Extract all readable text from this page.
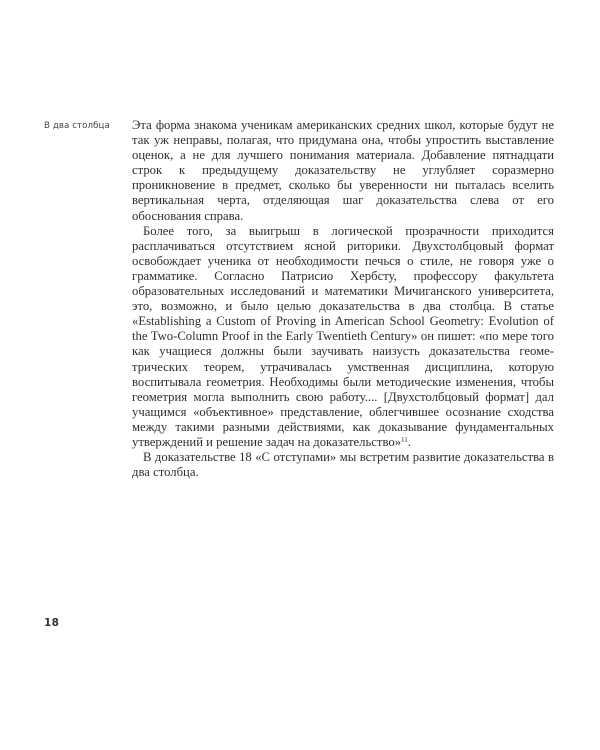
В два столбца	Эта форма знакома ученикам американских средних школ, которые будут не так уж неправы, полагая, что придумана она, чтобы упростить выставление оценок, а не для лучшего понимания материала. Добавление пятнадцати строк к предыдущему доказательству не углубляет соразмерно проникновение в предмет, сколько бы уверенности ни пыталась вселить вертикальная черта, отделяющая шаг доказательства слева от его обоснования справа.

Более того, за выигрыш в логической прозрачности приходится расплачиваться отсутствием ясной риторики. Двухстолбцовый формат освобождает ученика от необходимости печься о стиле, не говоря уже о грамматике. Согласно Патрисио Хербсту, профессору факультета образовательных исследований и математики Мичиганского университета, это, возможно, и было целью доказательства в два столбца. В статье «Establishing a Custom of Proving in American School Geometry: Evolution of the Two-Column Proof in the Early Twentieth Century» он пишет: «по мере того как учащиеся должны были заучивать наизусть доказательства геометрических теорем, утрачивалась умственная дисциплина, которую воспитывала геометрия. Необходимы были методические изменения, чтобы геометрия могла выполнить свою работу.... [Двухстолбцовый формат] дал учащимся «объективное» представление, облегчившее осознание сходства между такими разными действиями, как доказывание фундаментальных утверждений и решение задач на доказательство»$^{11}$.

В доказательстве 18 «С отступами» мы встретим развитие доказательства в два столбца.

18
